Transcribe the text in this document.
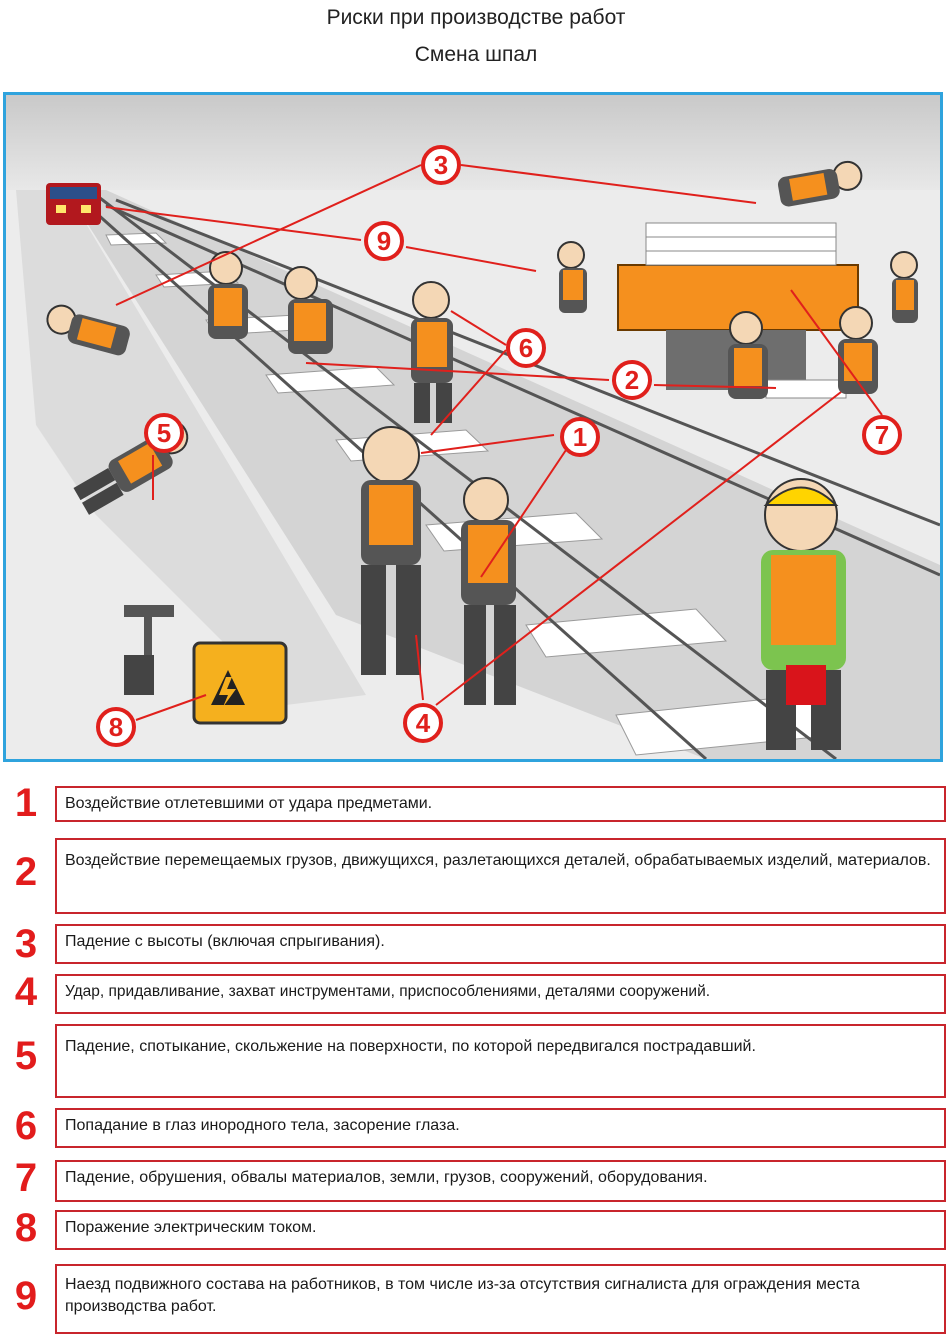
Риски при производстве работ
Смена шпал
3
9
6
2
7
1
5
4
8
1	Воздействие отлетевшими от удара предметами.
2	Воздействие перемещаемых грузов, движущихся, разлетающихся деталей, обрабатываемых изделий, материалов.
3	Падение с высоты (включая спрыгивания).
4	Удар, придавливание, захват инструментами, приспособлениями, деталями сооружений.
5	Падение, спотыкание, скольжение на поверхности, по которой передвигался пострадавший.
6	Попадание в глаз инородного тела, засорение глаза.
7	Падение, обрушения, обвалы материалов, земли, грузов, сооружений, оборудования.
8	Поражение электрическим током.
9	Наезд подвижного состава на работников, в том числе из-за отсутствия сигналиста для ограждения места производства работ.
